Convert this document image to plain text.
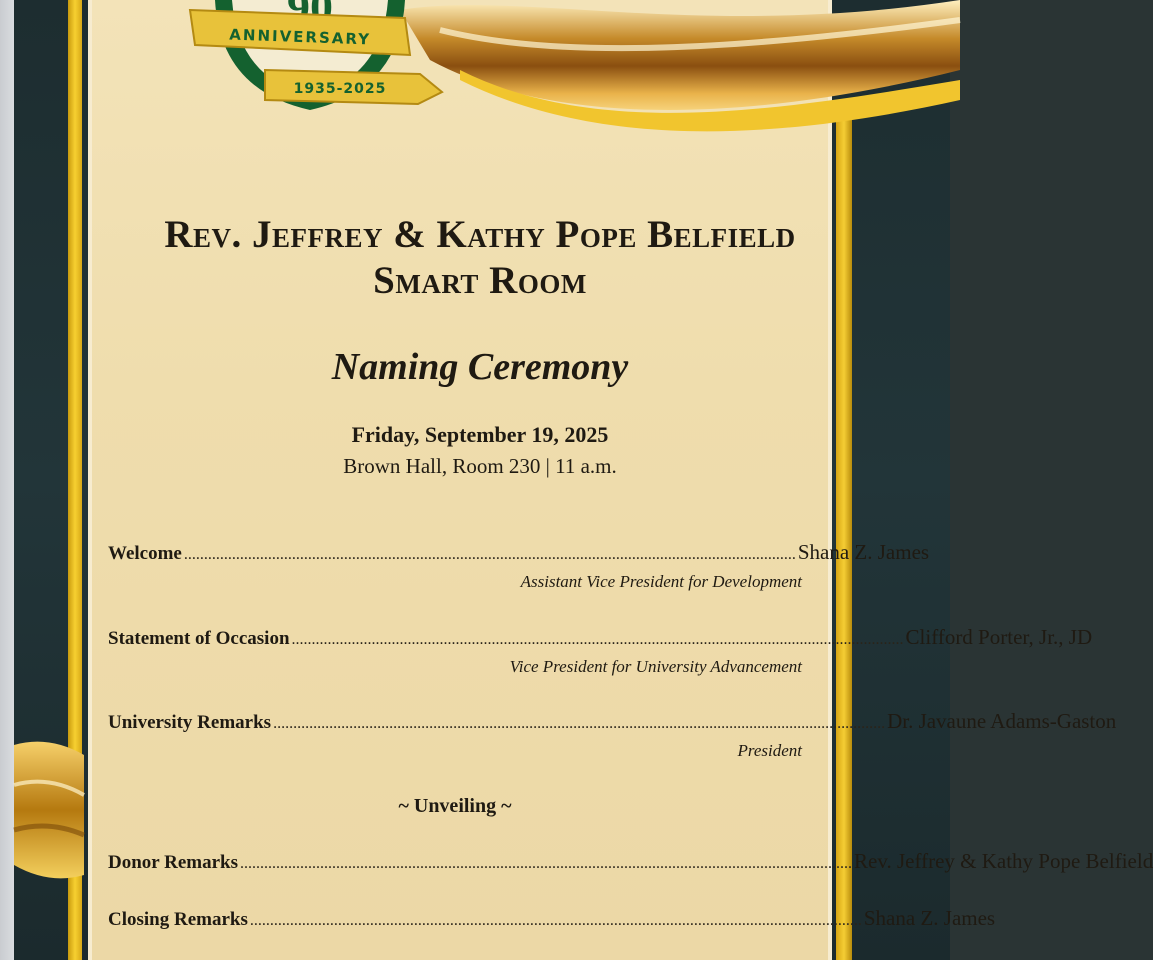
ANNIVERSARY
1935-2025
Rev. Jeffrey & Kathy Pope Belfield
Smart Room
Naming Ceremony
Friday, September 19, 2025
Brown Hall, Room 230 | 11 a.m.
Welcome ......................................................................................................................................................... Shana Z. James
Assistant Vice President for Development
Statement of Occasion ......................................................................................................................................................... Clifford Porter, Jr., JD
Vice President for University Advancement
University Remarks ......................................................................................................................................................... Dr. Javaune Adams-Gaston
President
~ Unveiling ~
Donor Remarks ......................................................................................................................................................... Rev. Jeffrey & Kathy Pope Belfield
Closing Remarks ......................................................................................................................................................... Shana Z. James
